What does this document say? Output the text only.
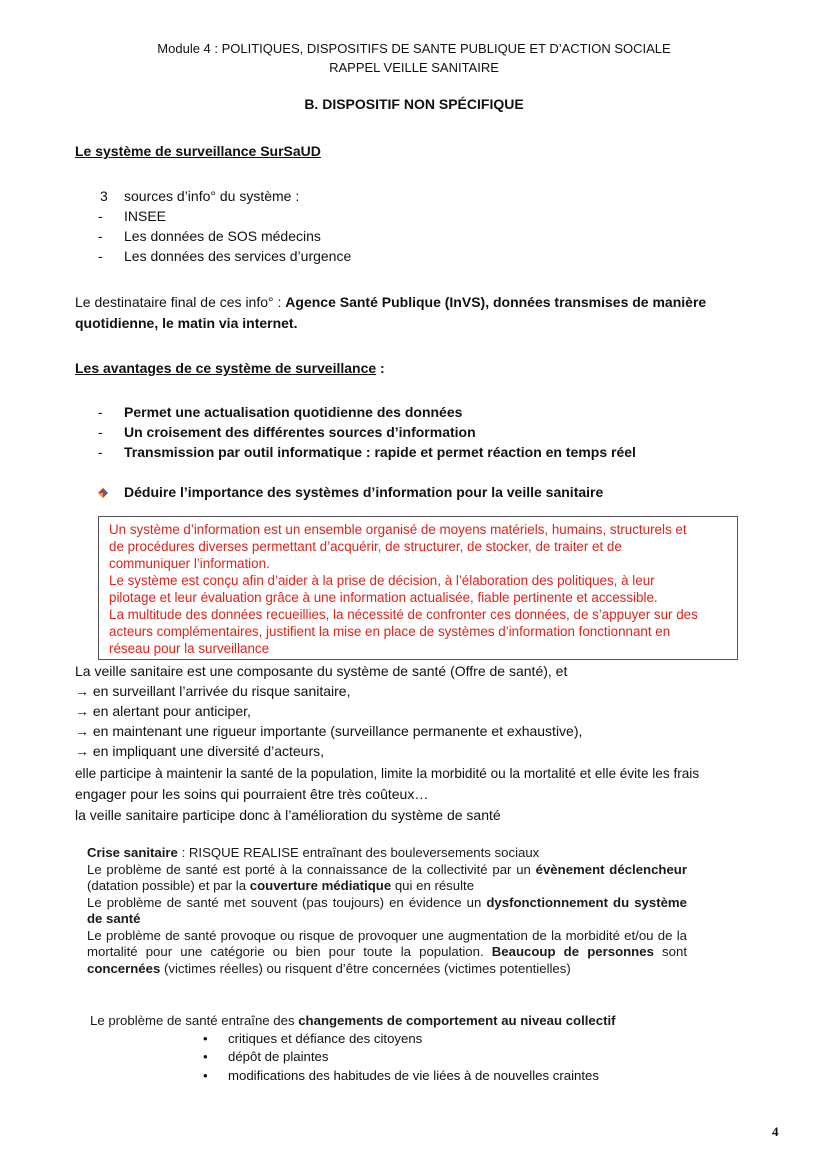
Module 4 : POLITIQUES, DISPOSITIFS DE SANTE PUBLIQUE ET D’ACTION SOCIALE
RAPPEL VEILLE SANITAIRE
B. DISPOSITIF NON SPÉCIFIQUE
Le système de surveillance SurSaUD
3 sources d’info° du système :
- INSEE
- Les données de SOS médecins
- Les données des services d’urgence
Le destinataire final de ces info° : Agence Santé Publique (InVS), données transmises de manière
quotidienne, le matin via internet.
Les avantages de ce système de surveillance :
- Permet une actualisation quotidienne des données
- Un croisement des différentes sources d’information
- Transmission par outil informatique : rapide et permet réaction en temps réel
Déduire l’importance des systèmes d’information pour la veille sanitaire

Un système d’information est un ensemble organisé de moyens matériels, humains, structurels et

de procédures diverses permettant d’acquérir, de structurer, de stocker, de traiter et de

communiquer l’information.

Le système est conçu afin d’aider à la prise de décision, à l’élaboration des politiques, à leur

pilotage et leur évaluation grâce à une information actualisée, fiable pertinente et accessible.

La multitude des données recueillies, la nécessité de confronter ces données, de s’appuyer sur des

acteurs complémentaires, justifient la mise en place de systèmes d’information fonctionnant en

réseau pour la surveillance

La veille sanitaire est une composante du système de santé (Offre de santé), et
→ en surveillant l’arrivée du risque sanitaire,
→ en alertant pour anticiper,
→ en maintenant une rigueur importante (surveillance permanente et exhaustive),
→ en impliquant une diversité d’acteurs,
elle participe à maintenir la santé de la population, limite la morbidité ou la mortalité et elle évite les frais
engager pour les soins qui pourraient être très coûteux…
la veille sanitaire participe donc à l’amélioration du système de santé

Crise sanitaire : RISQUE REALISE entraînant des bouleversements sociaux

Le problème de santé est porté à la connaissance de la collectivité par un évènement déclencheur (datation possible) et par la couverture médiatique qui en résulte

Le problème de santé met souvent (pas toujours) en évidence un dysfonctionnement du système de santé

Le problème de santé provoque ou risque de provoquer une augmentation de la morbidité et/ou de la mortalité pour une catégorie ou bien pour toute la population. Beaucoup de personnes sont concernées (victimes réelles) ou risquent d’être concernées (victimes potentielles)

Le problème de santé entraîne des changements de comportement au niveau collectif

• critiques et défiance des citoyens
• dépôt de plaintes
• modifications des habitudes de vie liées à de nouvelles craintes
4
